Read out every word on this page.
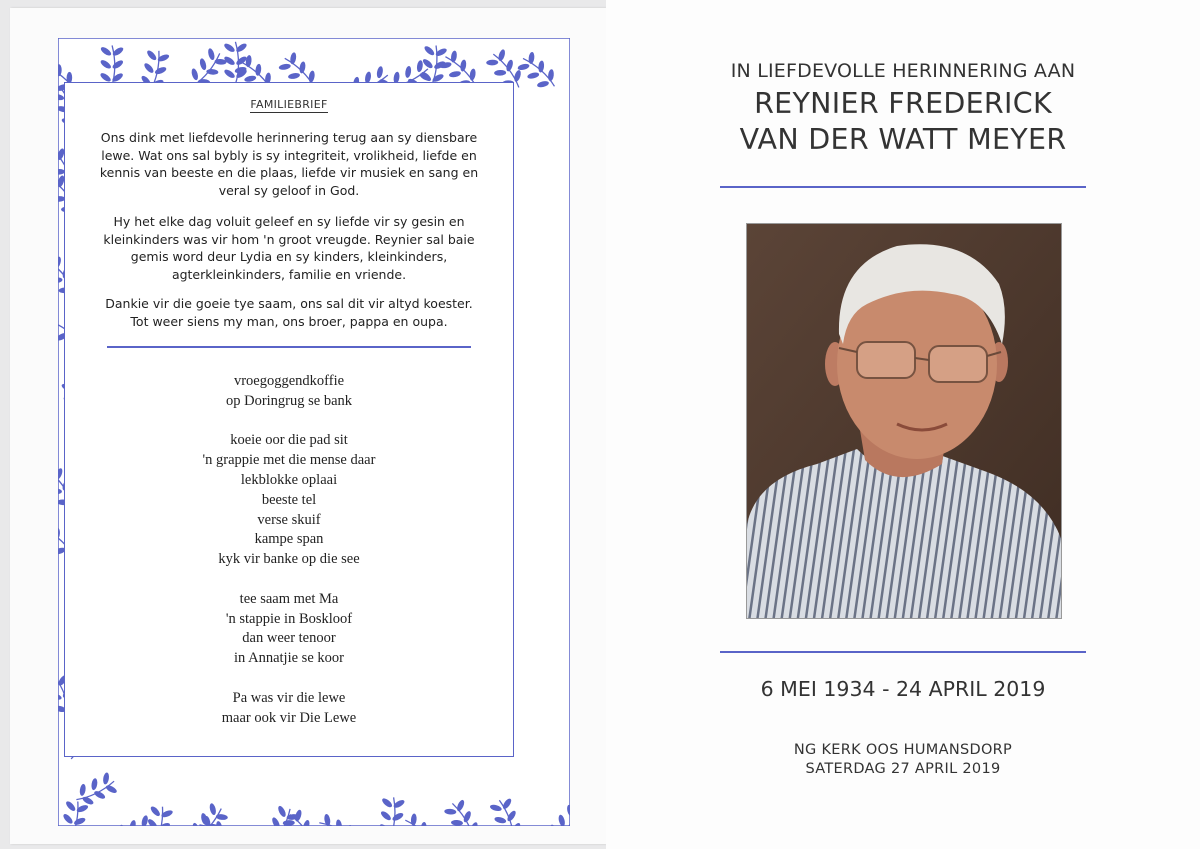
FAMILIEBRIEF
Ons dink met liefdevolle herinnering terug aan sy diensbare
lewe. Wat ons sal bybly is sy integriteit, vrolikheid, liefde en
kennis van beeste en die plaas, liefde vir musiek en sang en
veral sy geloof in God.
Hy het elke dag voluit geleef en sy liefde vir sy gesin en
kleinkinders was vir hom 'n groot vreugde. Reynier sal baie
gemis word deur Lydia en sy kinders, kleinkinders,
agterkleinkinders, familie en vriende.
Dankie vir die goeie tye saam, ons sal dit vir altyd koester.
Tot weer siens my man, ons broer, pappa en oupa.
vroegoggendkoffie
op Doringrug se bank
koeie oor die pad sit
'n grappie met die mense daar
lekblokke oplaai
beeste tel
verse skuif
kampe span
kyk vir banke op die see
tee saam met Ma
'n stappie in Boskloof
dan weer tenoor
in Annatjie se koor
Pa was vir die lewe
maar ook vir Die Lewe
IN LIEFDEVOLLE HERINNERING AAN
REYNIER FREDERICK
VAN DER WATT MEYER
6 MEI 1934 - 24 APRIL 2019
NG KERK OOS HUMANSDORP
SATERDAG 27 APRIL 2019
